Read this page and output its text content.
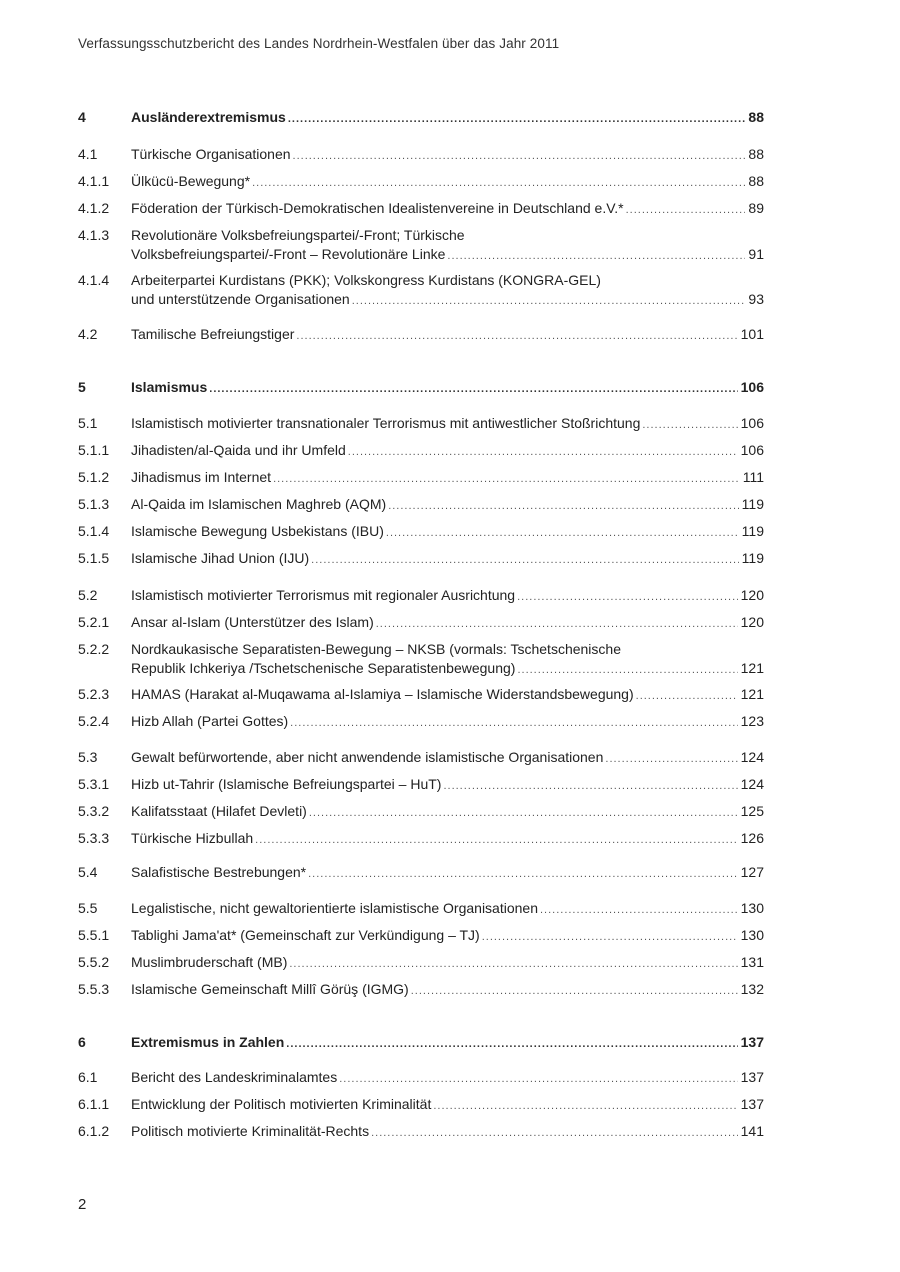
Verfassungsschutzbericht des Landes Nordrhein-Westfalen über das Jahr 2011
4	Ausländerextremismus .....	88
4.1	Türkische Organisationen .....	88
4.1.1	Ülkücü-Bewegung* .....	88
4.1.2	Föderation der Türkisch-Demokratischen Idealistenvereine in Deutschland e.V.* .....	89
4.1.3	Revolutionäre Volksbefreiungspartei/-Front; Türkische
Volksbefreiungspartei/-Front – Revolutionäre Linke .....	91
4.1.4	Arbeiterpartei Kurdistans (PKK); Volkskongress Kurdistans (KONGRA-GEL)
und unterstützende Organisationen .....	93
4.2	Tamilische Befreiungstiger .....	101
5	Islamismus .....	106
5.1	Islamistisch motivierter transnationaler Terrorismus mit antiwestlicher Stoßrichtung .....	106
5.1.1	Jihadisten/al-Qaida und ihr Umfeld .....	106
5.1.2	Jihadismus im Internet .....	111
5.1.3	Al-Qaida im Islamischen Maghreb (AQM) .....	119
5.1.4	Islamische Bewegung Usbekistans (IBU) .....	119
5.1.5	Islamische Jihad Union (IJU) .....	119
5.2	Islamistisch motivierter Terrorismus mit regionaler Ausrichtung .....	120
5.2.1	Ansar al-Islam (Unterstützer des Islam) .....	120
5.2.2	Nordkaukasische Separatisten-Bewegung – NKSB (vormals: Tschetschenische
Republik Ichkeriya /Tschetschenische Separatistenbewegung) .....	121
5.2.3	HAMAS (Harakat al-Muqawama al-Islamiya – Islamische Widerstandsbewegung) .....	121
5.2.4	Hizb Allah (Partei Gottes) .....	123
5.3	Gewalt befürwortende, aber nicht anwendende islamistische Organisationen .....	124
5.3.1	Hizb ut-Tahrir (Islamische Befreiungspartei – HuT) .....	124
5.3.2	Kalifatsstaat (Hilafet Devleti) .....	125
5.3.3	Türkische Hizbullah .....	126
5.4	Salafistische Bestrebungen* .....	127
5.5	Legalistische, nicht gewaltorientierte islamistische Organisationen .....	130
5.5.1	Tablighi Jama'at* (Gemeinschaft zur Verkündigung – TJ) .....	130
5.5.2	Muslimbruderschaft (MB) .....	131
5.5.3	Islamische Gemeinschaft Millî Görüş (IGMG) .....	132
6	Extremismus in Zahlen .....	137
6.1	Bericht des Landeskriminalamtes .....	137
6.1.1	Entwicklung der Politisch motivierten Kriminalität .....	137
6.1.2	Politisch motivierte Kriminalität-Rechts .....	141
2
